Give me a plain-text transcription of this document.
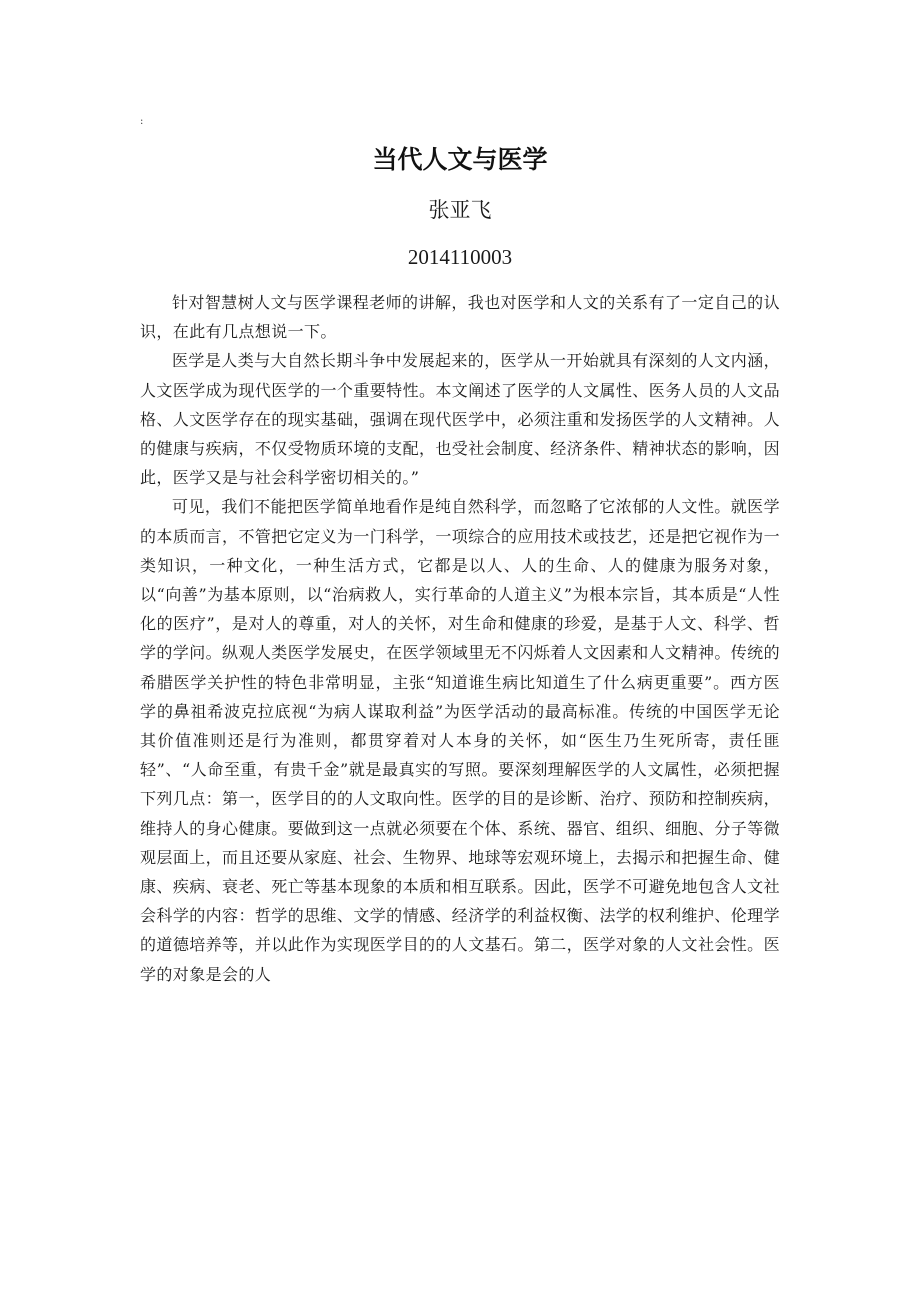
:
当代人文与医学
张亚飞
2014110003

针对智慧树人文与医学课程老师的讲解，我也对医学和人文的关系有了一定自己的认识，在此有几点想说一下。

医学是人类与大自然长期斗争中发展起来的，医学从一开始就具有深刻的人文内涵，人文医学成为现代医学的一个重要特性。本文阐述了医学的人文属性、医务人员的人文品格、人文医学存在的现实基础，强调在现代医学中，必须注重和发扬医学的人文精神。人的健康与疾病，不仅受物质环境的支配，也受社会制度、经济条件、精神状态的影响，因此，医学又是与社会科学密切相关的。”

可见，我们不能把医学简单地看作是纯自然科学，而忽略了它浓郁的人文性。就医学的本质而言，不管把它定义为一门科学，一项综合的应用技术或技艺，还是把它视作为一类知识，一种文化，一种生活方式，它都是以人、人的生命、人的健康为服务对象，以“向善”为基本原则，以“治病救人，实行革命的人道主义”为根本宗旨，其本质是“人性化的医疗”，是对人的尊重，对人的关怀，对生命和健康的珍爱，是基于人文、科学、哲学的学问。纵观人类医学发展史，在医学领域里无不闪烁着人文因素和人文精神。传统的希腊医学关护性的特色非常明显，主张“知道谁生病比知道生了什么病更重要”。西方医学的鼻祖希波克拉底视“为病人谋取利益”为医学活动的最高标准。传统的中国医学无论其价值准则还是行为准则，都贯穿着对人本身的关怀，如“医生乃生死所寄，责任匪轻”、“人命至重，有贵千金”就是最真实的写照。要深刻理解医学的人文属性，必须把握下列几点：第一，医学目的的人文取向性。医学的目的是诊断、治疗、预防和控制疾病，维持人的身心健康。要做到这一点就必须要在个体、系统、器官、组织、细胞、分子等微观层面上，而且还要从家庭、社会、生物界、地球等宏观环境上，去揭示和把握生命、健康、疾病、衰老、死亡等基本现象的本质和相互联系。因此，医学不可避免地包含人文社会科学的内容：哲学的思维、文学的情感、经济学的利益权衡、法学的权利维护、伦理学的道德培养等，并以此作为实现医学目的的人文基石。第二，医学对象的人文社会性。医学的对象是会的人
